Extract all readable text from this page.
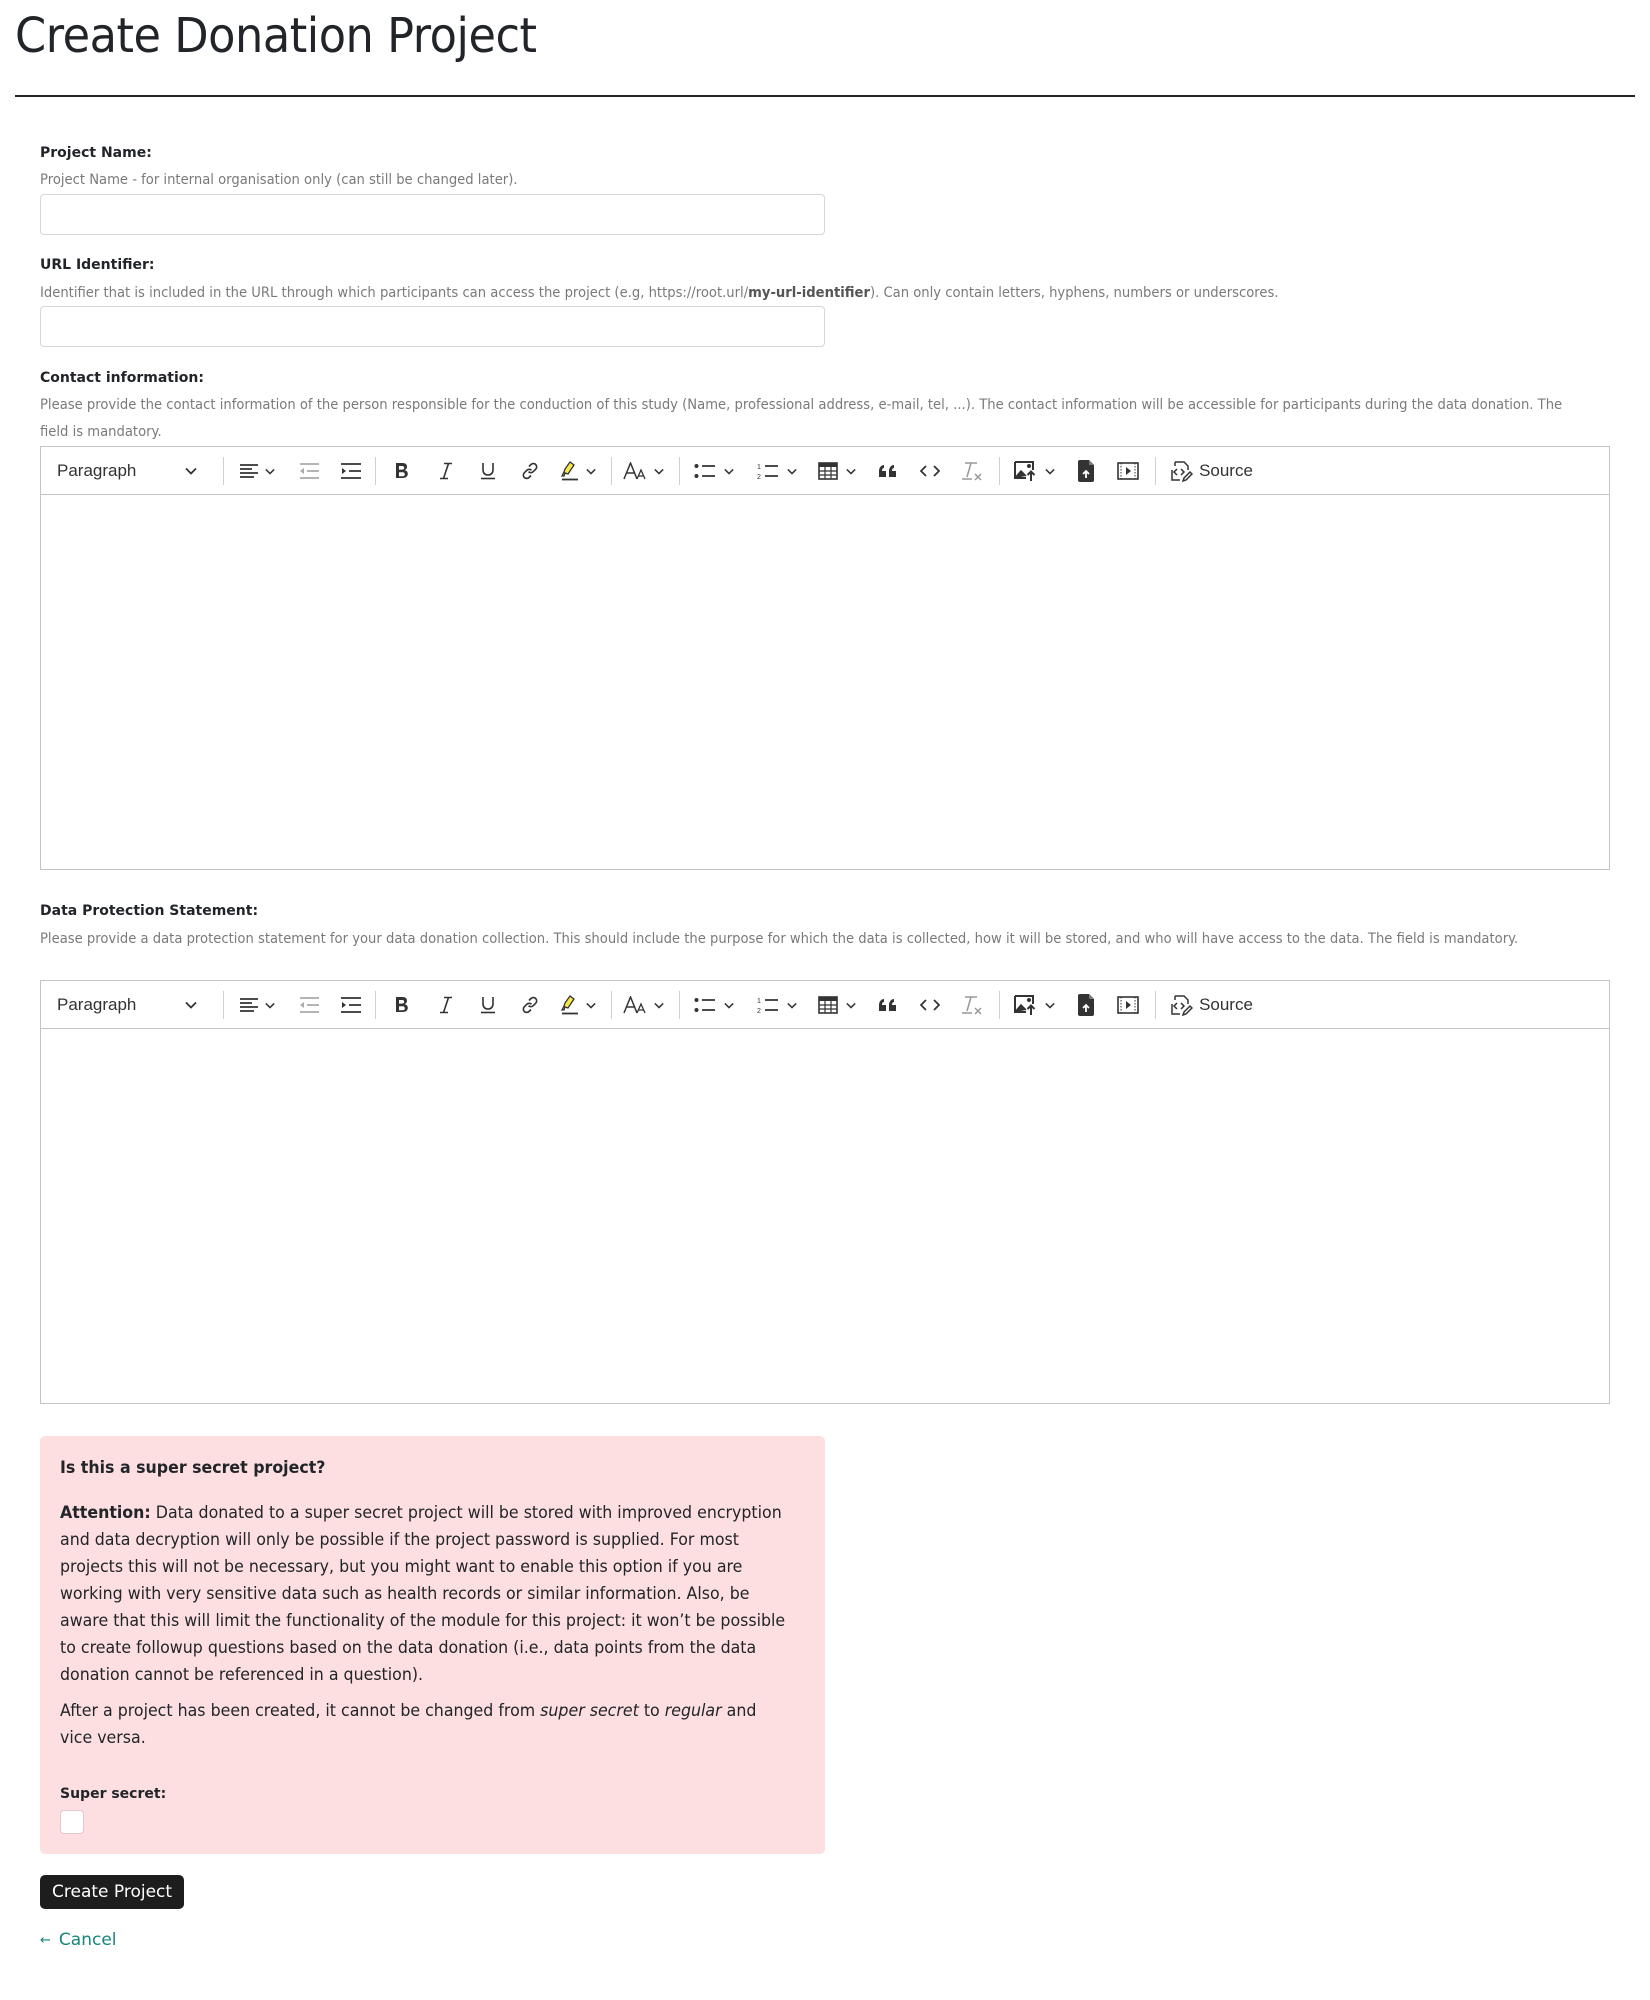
Create Donation Project
Project Name:
Project Name - for internal organisation only (can still be changed later).
URL Identifier:
Identifier that is included in the URL through which participants can access the project (e.g, https://root.url/my-url-identifier). Can only contain letters, hyphens, numbers or underscores.
Contact information:
Please provide the contact information of the person responsible for the conduction of this study (Name, professional address, e-mail, tel, ...). The contact information will be accessible for participants during the data donation. The field is mandatory.
Paragraph	1
2	Source
Data Protection Statement:
Please provide a data protection statement for your data donation collection. This should include the purpose for which the data is collected, how it will be stored, and who will have access to the data. The field is mandatory.
Paragraph	1
2	Source
Is this a super secret project?
Attention: Data donated to a super secret project will be stored with improved encryption and data decryption will only be possible if the project password is supplied. For most projects this will not be necessary, but you might want to enable this option if you are working with very sensitive data such as health records or similar information. Also, be aware that this will limit the functionality of the module for this project: it won’t be possible to create followup questions based on the data donation (i.e., data points from the data donation cannot be referenced in a question).
After a project has been created, it cannot be changed from super secret to regular and vice versa.
Super secret:
Create Project
← Cancel
